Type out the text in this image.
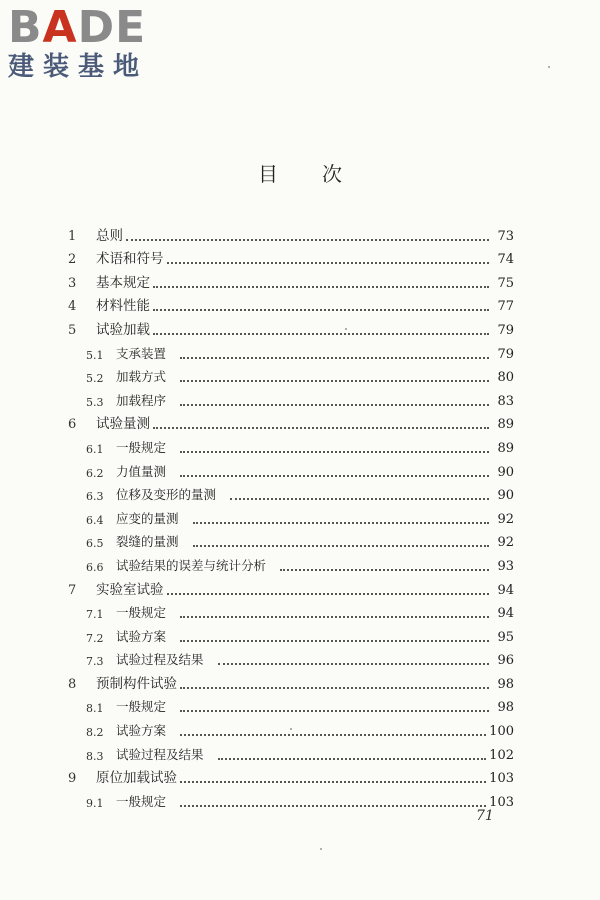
BADE
建装基地
目次
1	总则	73
2	术语和符号	74
3	基本规定	75
4	材料性能	77
5	试验加载	79
5.1	支承装置	79
5.2	加载方式	80
5.3	加载程序	83
6	试验量测	89
6.1	一般规定	89
6.2	力值量测	90
6.3	位移及变形的量测	90
6.4	应变的量测	92
6.5	裂缝的量测	92
6.6	试验结果的误差与统计分析	93
7	实验室试验	94
7.1	一般规定	94
7.2	试验方案	95
7.3	试验过程及结果	96
8	预制构件试验	98
8.1	一般规定	98
8.2	试验方案	100
8.3	试验过程及结果	102
9	原位加载试验	103
9.1	一般规定	103
71
